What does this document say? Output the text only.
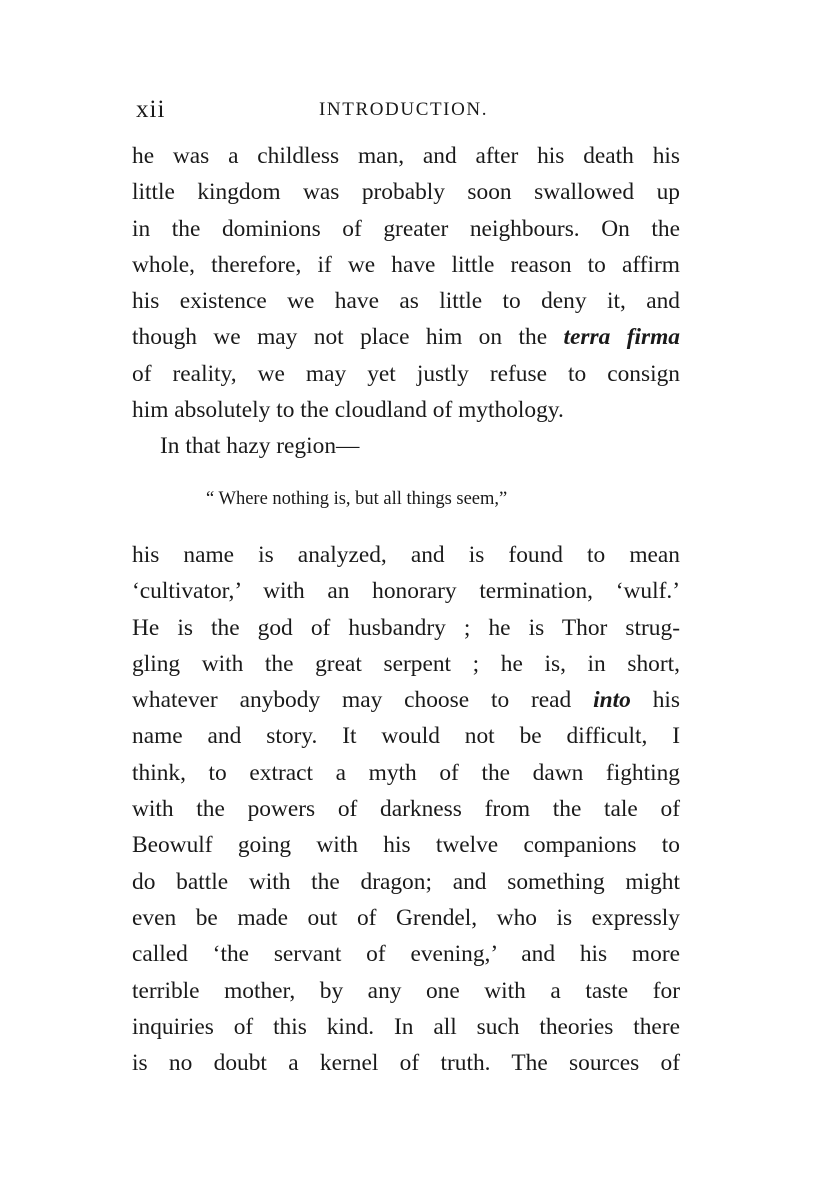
xii	INTRODUCTION.
he was a childless man, and after his death his
little kingdom was probably soon swallowed up
in the dominions of greater neighbours. On the
whole, therefore, if we have little reason to affirm
his existence we have as little to deny it, and
though we may not place him on the terra firma
of reality, we may yet justly refuse to consign
him absolutely to the cloudland of mythology.
In that hazy region—
“ Where nothing is, but all things seem,”
his name is analyzed, and is found to mean
‘cultivator,’ with an honorary termination, ‘wulf.’
He is the god of husbandry ; he is Thor strug-
gling with the great serpent ; he is, in short,
whatever anybody may choose to read into his
name and story. It would not be difficult, I
think, to extract a myth of the dawn fighting
with the powers of darkness from the tale of
Beowulf going with his twelve companions to
do battle with the dragon; and something might
even be made out of Grendel, who is expressly
called ‘the servant of evening,’ and his more
terrible mother, by any one with a taste for
inquiries of this kind. In all such theories there
is no doubt a kernel of truth. The sources of
